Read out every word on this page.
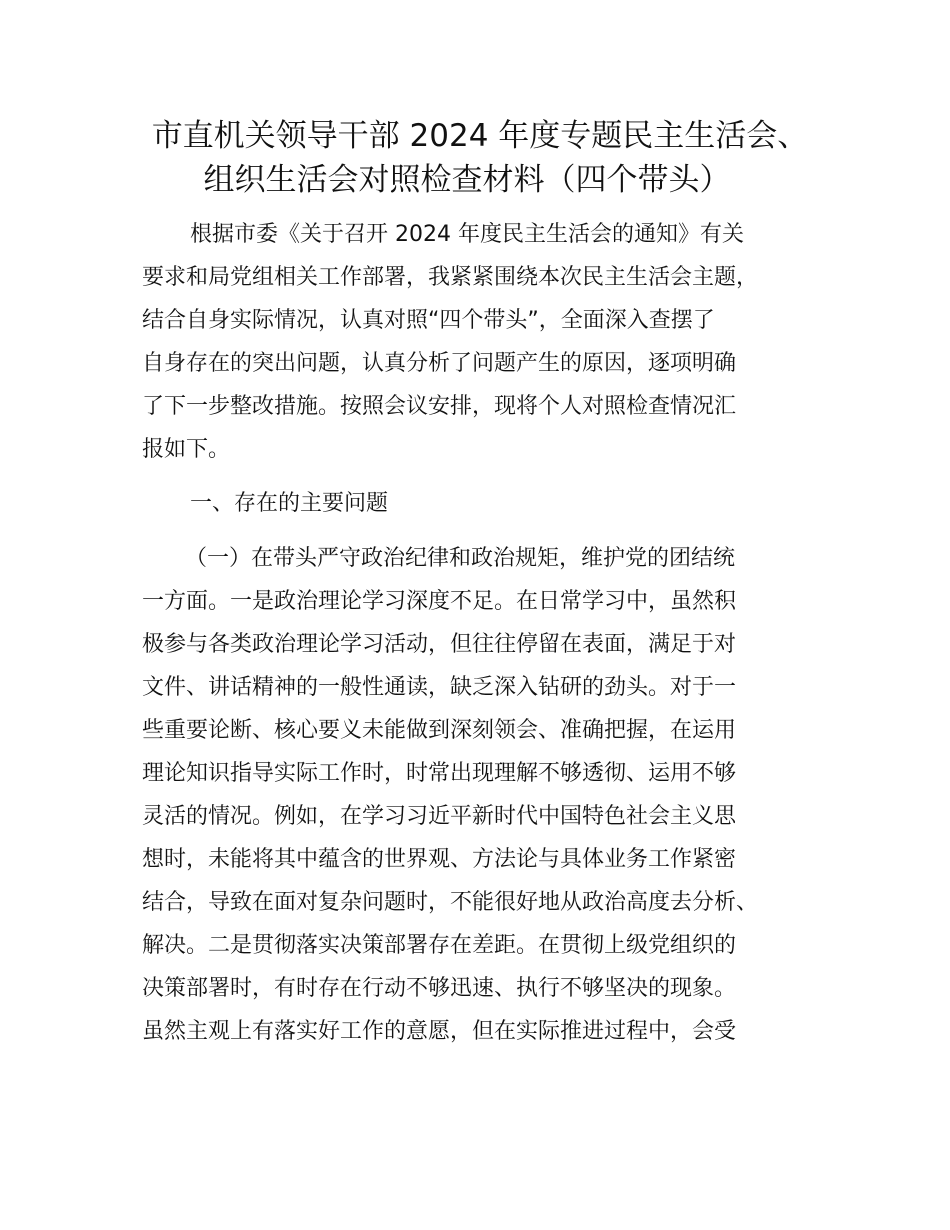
市直机关领导干部 2024 年度专题民主生活会、
组织生活会对照检查材料（四个带头）
根据市委《关于召开 2024 年度民主生活会的通知》有关
要求和局党组相关工作部署，我紧紧围绕本次民主生活会主题，
结合自身实际情况，认真对照“四个带头”，全面深入查摆了
自身存在的突出问题，认真分析了问题产生的原因，逐项明确
了下一步整改措施。按照会议安排，现将个人对照检查情况汇
报如下。
一、存在的主要问题
（一）在带头严守政治纪律和政治规矩，维护党的团结统
一方面。一是政治理论学习深度不足。在日常学习中，虽然积
极参与各类政治理论学习活动，但往往停留在表面，满足于对
文件、讲话精神的一般性通读，缺乏深入钻研的劲头。对于一
些重要论断、核心要义未能做到深刻领会、准确把握，在运用
理论知识指导实际工作时，时常出现理解不够透彻、运用不够
灵活的情况。例如，在学习习近平新时代中国特色社会主义思
想时，未能将其中蕴含的世界观、方法论与具体业务工作紧密
结合，导致在面对复杂问题时，不能很好地从政治高度去分析、
解决。二是贯彻落实决策部署存在差距。在贯彻上级党组织的
决策部署时，有时存在行动不够迅速、执行不够坚决的现象。
虽然主观上有落实好工作的意愿，但在实际推进过程中，会受
